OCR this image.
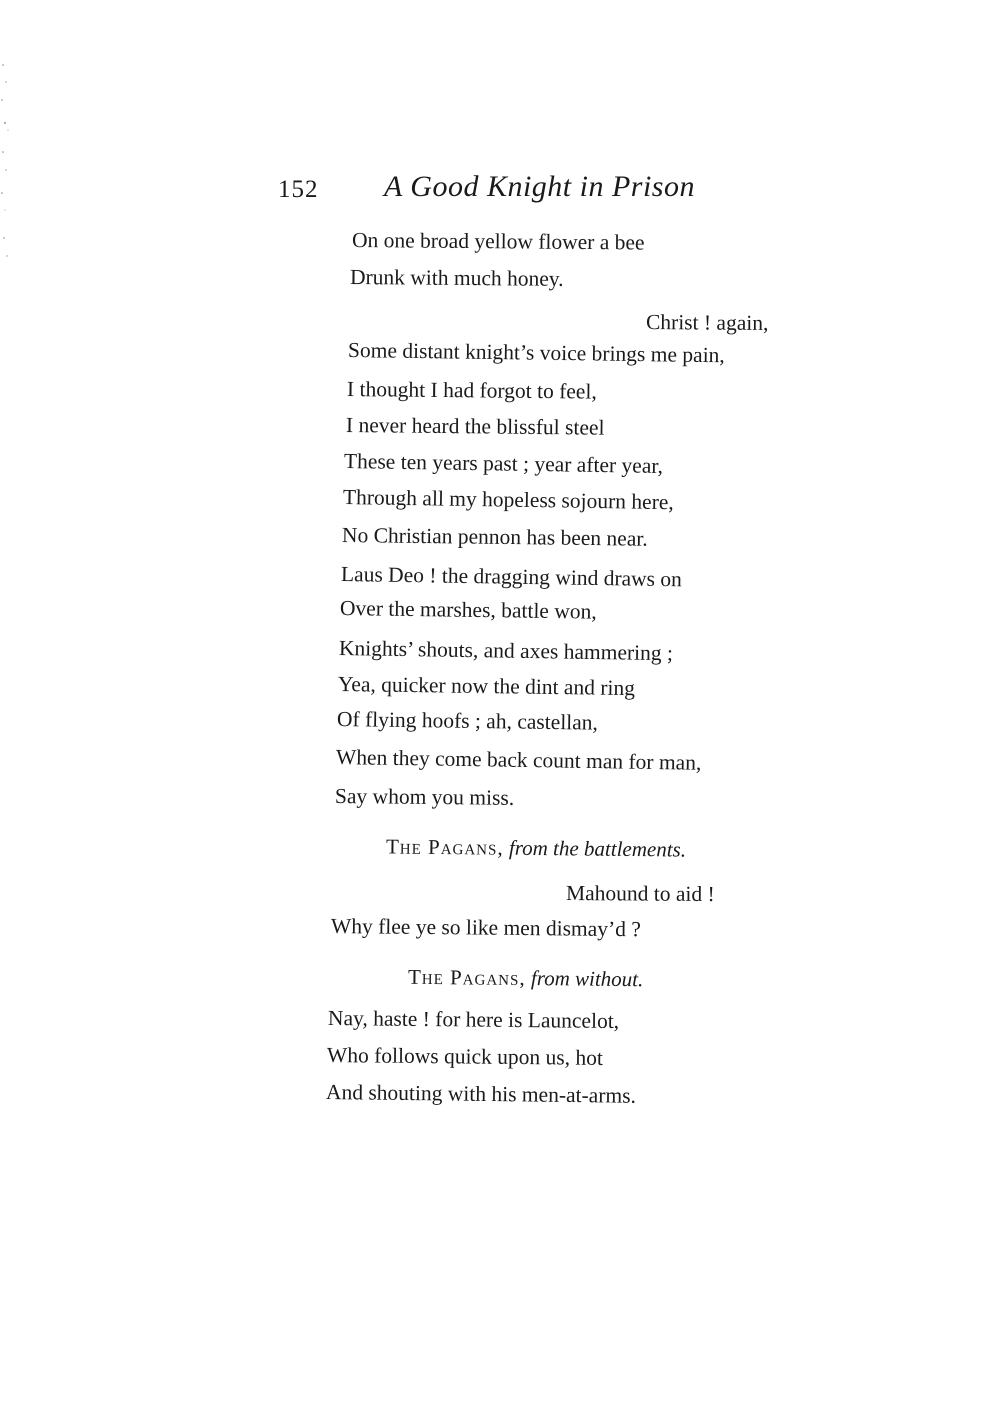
152 A Good Knight in Prison
On one broad yellow flower a bee
Drunk with much honey.
Christ ! again,
Some distant knight’s voice brings me pain,
I thought I had forgot to feel,
I never heard the blissful steel
These ten years past ; year after year,
Through all my hopeless sojourn here,
No Christian pennon has been near.
Laus Deo ! the dragging wind draws on
Over the marshes, battle won,
Knights’ shouts, and axes hammering ;
Yea, quicker now the dint and ring
Of flying hoofs ; ah, castellan,
When they come back count man for man,
Say whom you miss.
The Pagans, from the battlements.
Mahound to aid !
Why flee ye so like men dismay’d ?
The Pagans, from without.
Nay, haste ! for here is Launcelot,
Who follows quick upon us, hot
And shouting with his men-at-arms.
